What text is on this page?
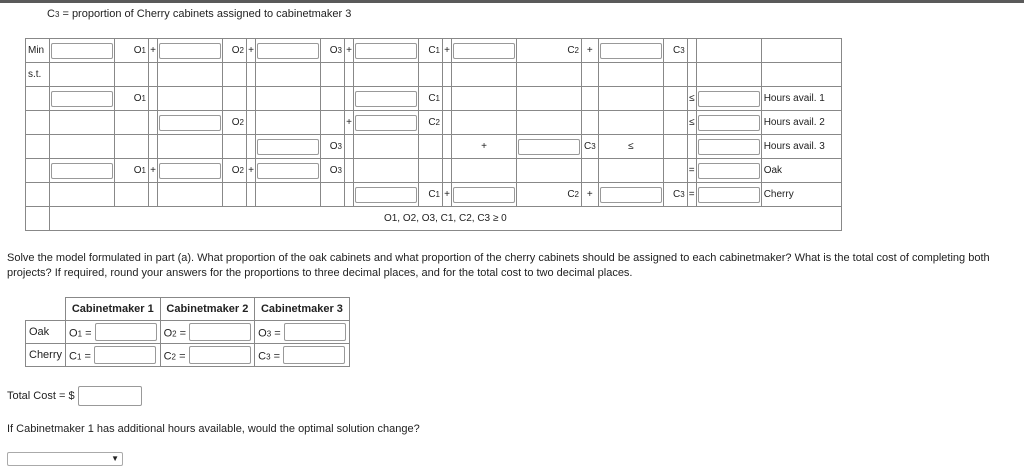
C3 = proportion of Cherry cabinets assigned to cabinetmaker 3
Min		O1	+		O2	+		O3	+		C1	+		C2	+		C3			
s.t.																				
		O1									C1							≤		Hours avail. 1
					O2				+		C2							≤		Hours avail. 2
								O3					+		C3	≤				Hours avail. 3
		O1	+		O2	+		O3										=		Oak
											C1	+		C2	+		C3	=		Cherry
	O1, O2, O3, C1, C2, C3 ≥ 0																			
Solve the model formulated in part (a). What proportion of the oak cabinets and what proportion of the cherry cabinets should be assigned to each cabinetmaker? What is the total cost of completing both projects? If required, round your answers for the proportions to three decimal places, and for the total cost to two decimal places.
	Cabinetmaker 1	Cabinetmaker 2	Cabinetmaker 3
Oak	O1 =	O2 =	O3 =
Cherry	C1 =	C2 =	C3 =
Total Cost = $
If Cabinetmaker 1 has additional hours available, would the optimal solution change?
▼
